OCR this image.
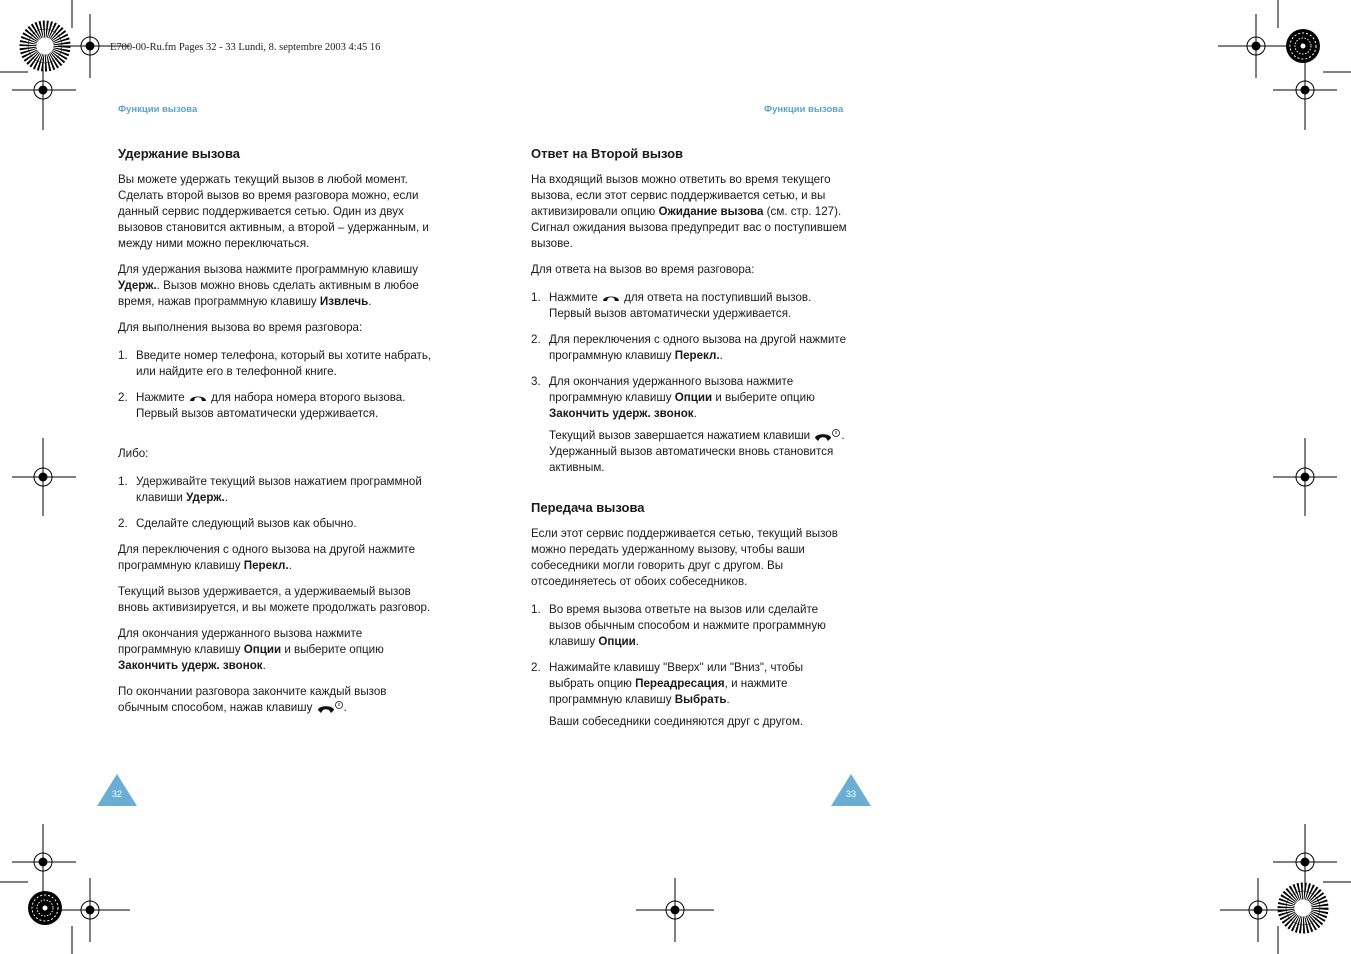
E700-00-Ru.fm Pages 32 - 33 Lundi, 8. septembre 2003 4:45 16
Функции вызова	Функции вызова
Удержание вызова

Вы можете удержать текущий вызов в любой момент. Сделать второй вызов во время разговора можно, если данный сервис поддерживается сетью. Один из двух вызовов становится активным, а второй – удержанным, и между ними можно переключаться.

Для удержания вызова нажмите программную клавишу Удерж.. Вызов можно вновь сделать активным в любое время, нажав программную клавишу Извлечь.

Для выполнения вызова во время разговора:

1. Введите номер телефона, который вы хотите набрать, или найдите его в телефонной книге.
2. Нажмите  для набора номера второго вызова. Первый вызов автоматически удерживается.

Либо:

1. Удерживайте текущий вызов нажатием программной клавиши Удерж..
2. Сделайте следующий вызов как обычно.

Для переключения с одного вызова на другой нажмите программную клавишу Перекл..

Текущий вызов удерживается, а удерживаемый вызов вновь активизируется, и вы можете продолжать разговор.

Для окончания удержанного вызова нажмите программную клавишу Опции и выберите опцию Закончить удерж. звонок.

По окончании разговора закончите каждый вызов обычным способом, нажав клавишу .

Ответ на Второй вызов

На входящий вызов можно ответить во время текущего вызова, если этот сервис поддерживается сетью, и вы активизировали опцию Ожидание вызова (см. стр. 127). Сигнал ожидания вызова предупредит вас о поступившем вызове.

Для ответа на вызов во время разговора:

1. Нажмите  для ответа на поступивший вызов. Первый вызов автоматически удерживается.
2. Для переключения с одного вызова на другой нажмите программную клавишу Перекл..
3. Для окончания удержанного вызова нажмите программную клавишу Опции и выберите опцию Закончить удерж. звонок.
Текущий вызов завершается нажатием клавиши .
Удержанный вызов автоматически вновь становится активным.
Передача вызова

Если этот сервис поддерживается сетью, текущий вызов можно передать удержанному вызову, чтобы ваши собеседники могли говорить друг с другом. Вы отсоединяетесь от обоих собеседников.

1. Во время вызова ответьте на вызов или сделайте вызов обычным способом и нажмите программную клавишу Опции.
2. Нажимайте клавишу "Вверх" или "Вниз", чтобы выбрать опцию Переадресация, и нажмите программную клавишу Выбрать.
Ваши собеседники соединяются друг с другом.
32	33
